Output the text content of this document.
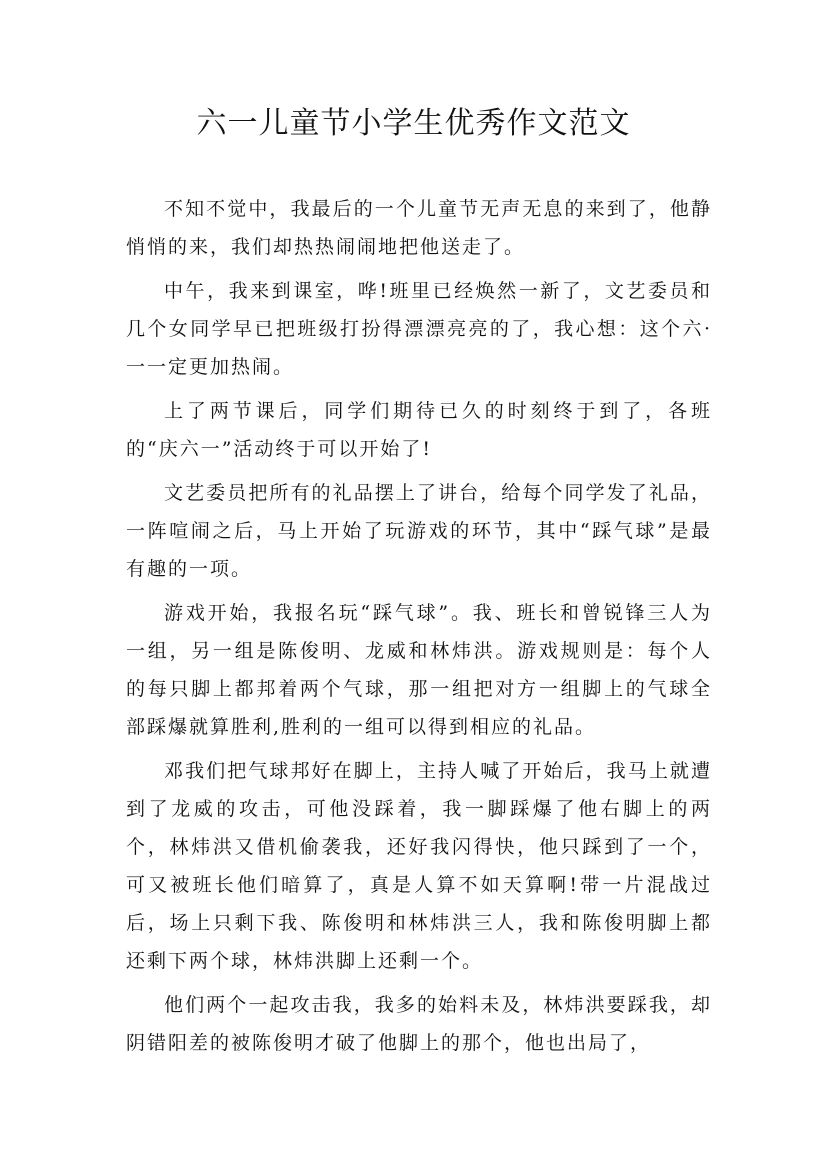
六一儿童节小学生优秀作文范文

不知不觉中，我最后的一个儿童节无声无息的来到了，他静悄悄的来，我们却热热闹闹地把他送走了。

中午，我来到课室，哗!班里已经焕然一新了，文艺委员和几个女同学早已把班级打扮得漂漂亮亮的了，我心想：这个六·一一定更加热闹。

上了两节课后，同学们期待已久的时刻终于到了，各班的“庆六一”活动终于可以开始了!

文艺委员把所有的礼品摆上了讲台，给每个同学发了礼品，一阵喧闹之后，马上开始了玩游戏的环节，其中“踩气球”是最有趣的一项。

游戏开始，我报名玩“踩气球”。我、班长和曾锐锋三人为一组，另一组是陈俊明、龙威和林炜洪。游戏规则是：每个人的每只脚上都邦着两个气球，那一组把对方一组脚上的气球全部踩爆就算胜利,胜利的一组可以得到相应的礼品。

邓我们把气球邦好在脚上，主持人喊了开始后，我马上就遭到了龙威的攻击，可他没踩着，我一脚踩爆了他右脚上的两个，林炜洪又借机偷袭我，还好我闪得快，他只踩到了一个，可又被班长他们暗算了，真是人算不如天算啊!带一片混战过后，场上只剩下我、陈俊明和林炜洪三人，我和陈俊明脚上都还剩下两个球，林炜洪脚上还剩一个。

他们两个一起攻击我，我多的始料未及，林炜洪要踩我，却阴错阳差的被陈俊明才破了他脚上的那个，他也出局了，
